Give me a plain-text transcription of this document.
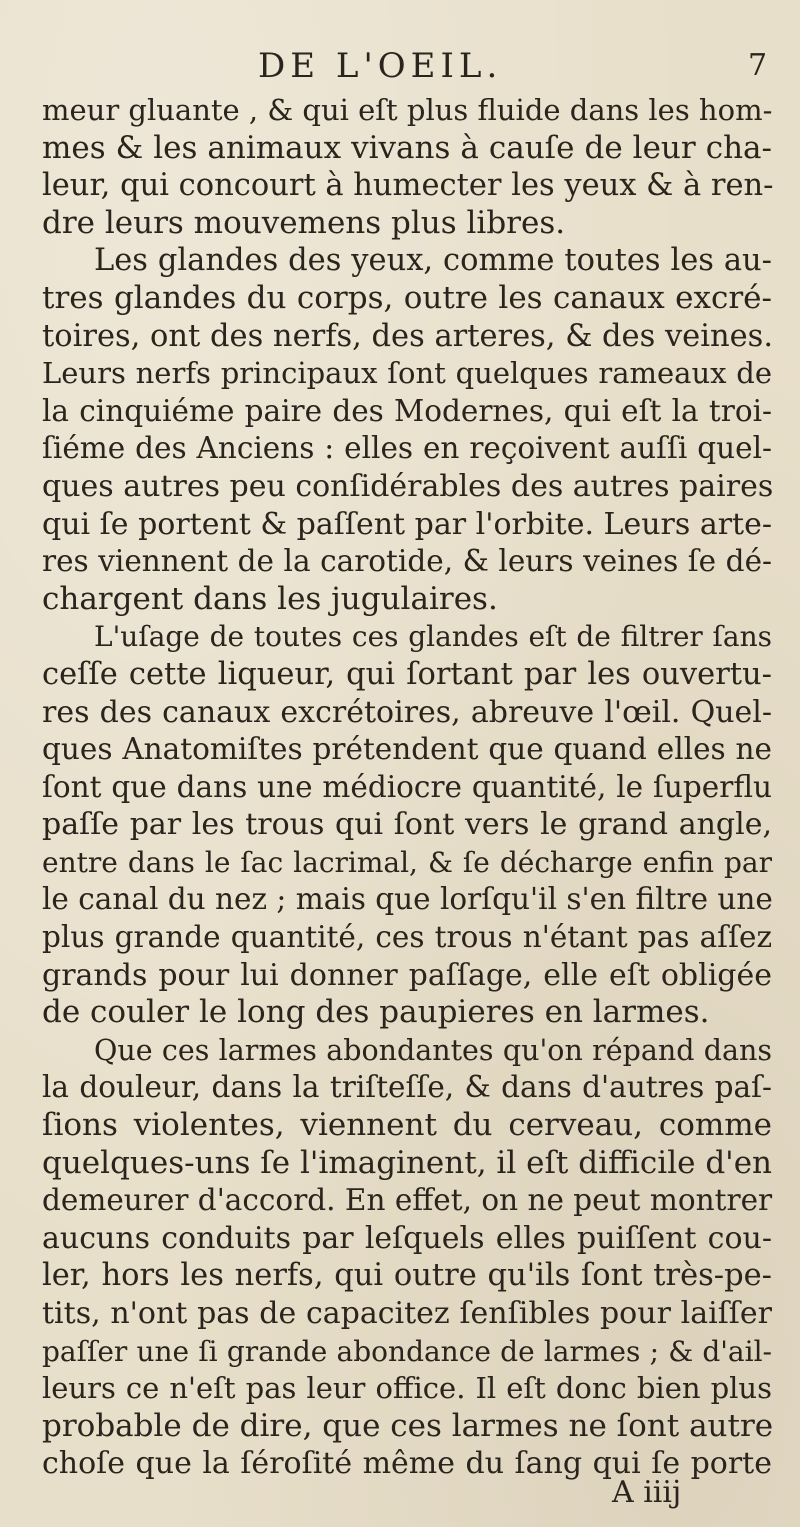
DE L'OEIL.	7
meur gluante , & qui eſt plus fluide dans les hom-
mes & les animaux vivans à cauſe de leur cha-
leur, qui concourt à humecter les yeux & à ren-
dre leurs mouvemens plus libres.
Les glandes des yeux, comme toutes les au-
tres glandes du corps, outre les canaux excré-
toires, ont des nerfs, des arteres, & des veines.
Leurs nerfs principaux ſont quelques rameaux de
la cinquiéme paire des Modernes, qui eſt la troi-
ſiéme des Anciens : elles en reçoivent auſſi quel-
ques autres peu conſidérables des autres paires
qui ſe portent & paſſent par l'orbite. Leurs arte-
res viennent de la carotide, & leurs veines ſe dé-
chargent dans les jugulaires.
L'uſage de toutes ces glandes eſt de filtrer ſans
ceſſe cette liqueur, qui ſortant par les ouvertu-
res des canaux excrétoires, abreuve l'œil. Quel-
ques Anatomiſtes prétendent que quand elles ne
ſont que dans une médiocre quantité, le ſuperflu
paſſe par les trous qui ſont vers le grand angle,
entre dans le ſac lacrimal, & ſe décharge enfin par
le canal du nez ; mais que lorſqu'il s'en filtre une
plus grande quantité, ces trous n'étant pas aſſez
grands pour lui donner paſſage, elle eſt obligée
de couler le long des paupieres en larmes.
Que ces larmes abondantes qu'on répand dans
la douleur, dans la triſteſſe, & dans d'autres paſ-
ſions violentes, viennent du cerveau, comme
quelques-uns ſe l'imaginent, il eſt difficile d'en
demeurer d'accord. En effet, on ne peut montrer
aucuns conduits par leſquels elles puiſſent cou-
ler, hors les nerfs, qui outre qu'ils ſont très-pe-
tits, n'ont pas de capacitez ſenſibles pour laiſſer
paſſer une ſi grande abondance de larmes ; & d'ail-
leurs ce n'eſt pas leur office. Il eſt donc bien plus
probable de dire, que ces larmes ne ſont autre
choſe que la ſéroſité même du ſang qui ſe porte
A iiij
